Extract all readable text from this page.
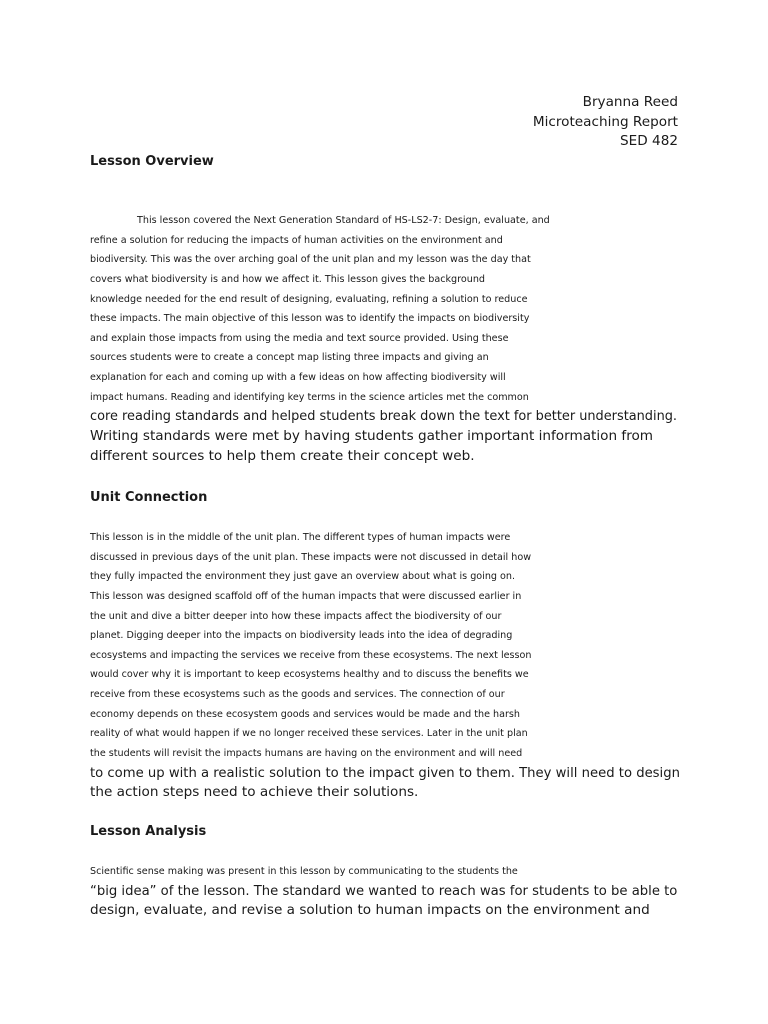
Bryanna Reed
Microteaching Report
SED 482
Lesson Overview
This lesson covered the Next Generation Standard of HS-LS2-7: Design, evaluate, and
refine a solution for reducing the impacts of human activities on the environment and
biodiversity. This was the over arching goal of the unit plan and my lesson was the day that
covers what biodiversity is and how we affect it. This lesson gives the background
knowledge needed for the end result of designing, evaluating, refining a solution to reduce
these impacts. The main objective of this lesson was to identify the impacts on biodiversity
and explain those impacts from using the media and text source provided. Using these
sources students were to create a concept map listing three impacts and giving an
explanation for each and coming up with a few ideas on how affecting biodiversity will
impact humans. Reading and identifying key terms in the science articles met the common
core reading standards and helped students break down the text for better understanding.
Writing standards were met by having students gather important information from
different sources to help them create their concept web.
Unit Connection
This lesson is in the middle of the unit plan. The different types of human impacts were
discussed in previous days of the unit plan. These impacts were not discussed in detail how
they fully impacted the environment they just gave an overview about what is going on.
This lesson was designed scaffold off of the human impacts that were discussed earlier in
the unit and dive a bitter deeper into how these impacts affect the biodiversity of our
planet. Digging deeper into the impacts on biodiversity leads into the idea of degrading
ecosystems and impacting the services we receive from these ecosystems. The next lesson
would cover why it is important to keep ecosystems healthy and to discuss the benefits we
receive from these ecosystems such as the goods and services. The connection of our
economy depends on these ecosystem goods and services would be made and the harsh
reality of what would happen if we no longer received these services. Later in the unit plan
the students will revisit the impacts humans are having on the environment and will need
to come up with a realistic solution to the impact given to them. They will need to design
the action steps need to achieve their solutions.
Lesson Analysis
Scientific sense making was present in this lesson by communicating to the students the
“big idea” of the lesson. The standard we wanted to reach was for students to be able to
design, evaluate, and revise a solution to human impacts on the environment and
